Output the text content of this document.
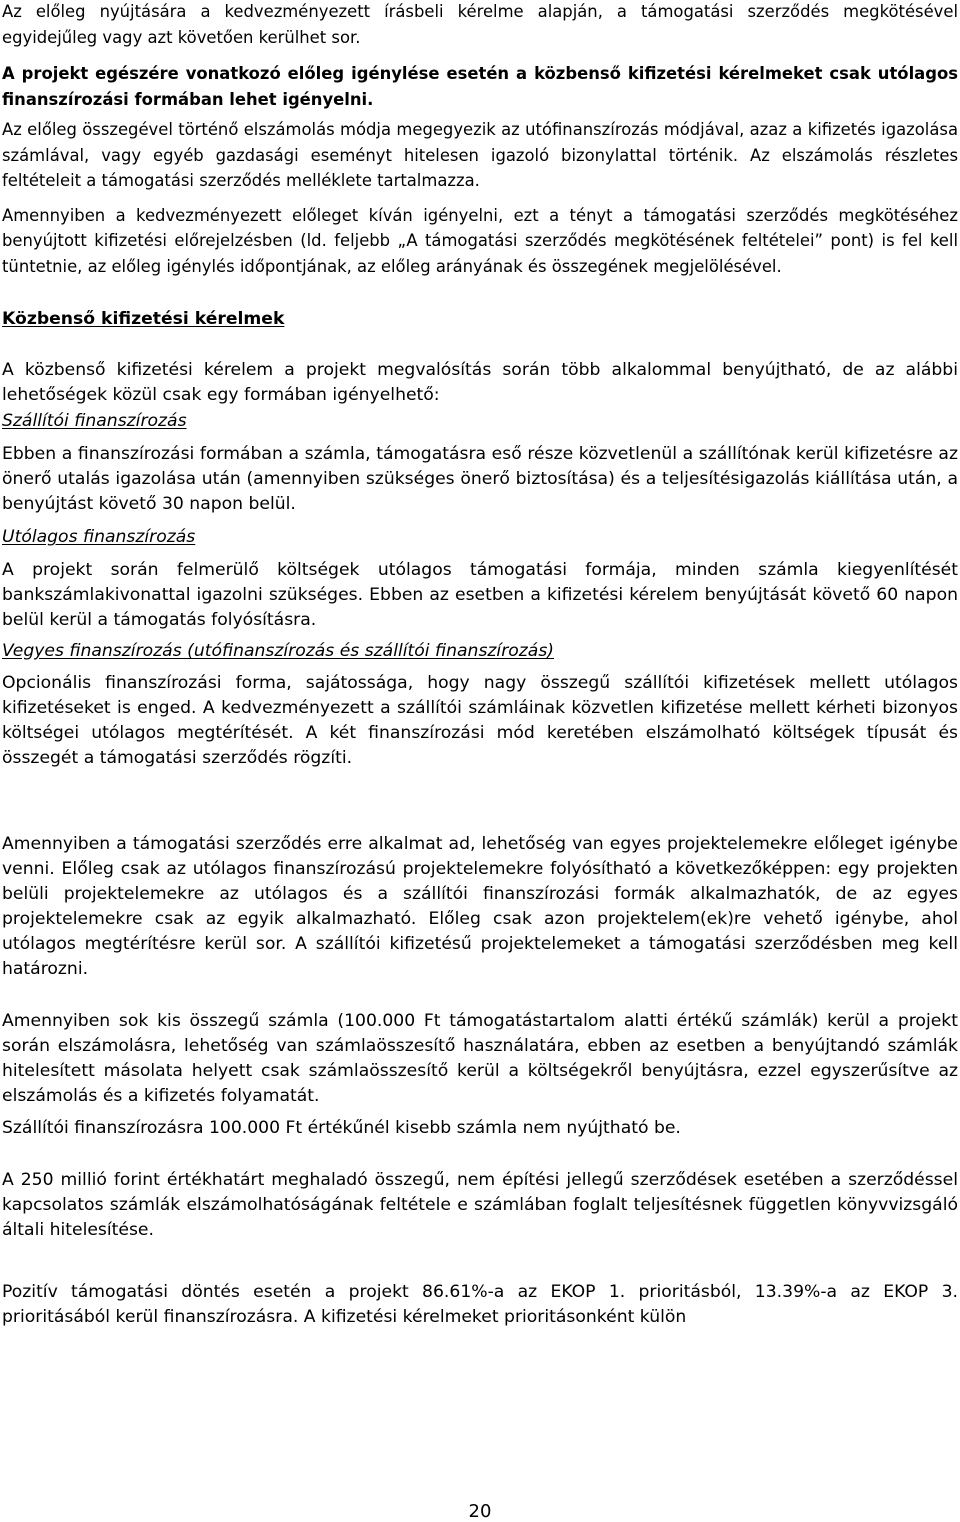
Az előleg nyújtására a kedvezményezett írásbeli kérelme alapján, a támogatási szerződés megkötésével egyidejűleg vagy azt követően kerülhet sor.

A projekt egészére vonatkozó előleg igénylése esetén a közbenső kifizetési kérelmeket csak utólagos finanszírozási formában lehet igényelni.

Az előleg összegével történő elszámolás módja megegyezik az utófinanszírozás módjával, azaz a kifizetés igazolása számlával, vagy egyéb gazdasági eseményt hitelesen igazoló bizonylattal történik. Az elszámolás részletes feltételeit a támogatási szerződés melléklete tartalmazza.

Amennyiben a kedvezményezett előleget kíván igényelni, ezt a tényt a támogatási szerződés megkötéséhez benyújtott kifizetési előrejelzésben (ld. feljebb „A támogatási szerződés megkötésének feltételei” pont) is fel kell tüntetnie, az előleg igénylés időpontjának, az előleg arányának és összegének megjelölésével.

Közbenső kifizetési kérelmek

A közbenső kifizetési kérelem a projekt megvalósítás során több alkalommal benyújtható, de az alábbi lehetőségek közül csak egy formában igényelhető:

Szállítói finanszírozás

Ebben a finanszírozási formában a számla, támogatásra eső része közvetlenül a szállítónak kerül kifizetésre az önerő utalás igazolása után (amennyiben szükséges önerő biztosítása) és a teljesítésigazolás kiállítása után, a benyújtást követő 30 napon belül.

Utólagos finanszírozás

A projekt során felmerülő költségek utólagos támogatási formája, minden számla kiegyenlítését bankszámlakivonattal igazolni szükséges. Ebben az esetben a kifizetési kérelem benyújtását követő 60 napon belül kerül a támogatás folyósításra.

Vegyes finanszírozás (utófinanszírozás és szállítói finanszírozás)

Opcionális finanszírozási forma, sajátossága, hogy nagy összegű szállítói kifizetések mellett utólagos kifizetéseket is enged. A kedvezményezett a szállítói számláinak közvetlen kifizetése mellett kérheti bizonyos költségei utólagos megtérítését. A két finanszírozási mód keretében elszámolható költségek típusát és összegét a támogatási szerződés rögzíti.

Amennyiben a támogatási szerződés erre alkalmat ad, lehetőség van egyes projektelemekre előleget igénybe venni. Előleg csak az utólagos finanszírozású projektelemekre folyósítható a következőképpen: egy projekten belüli projektelemekre az utólagos és a szállítói finanszírozási formák alkalmazhatók, de az egyes projektelemekre csak az egyik alkalmazható. Előleg csak azon projektelem(ek)re vehető igénybe, ahol utólagos megtérítésre kerül sor. A szállítói kifizetésű projektelemeket a támogatási szerződésben meg kell határozni.

Amennyiben sok kis összegű számla (100.000 Ft támogatástartalom alatti értékű számlák) kerül a projekt során elszámolásra, lehetőség van számlaösszesítő használatára, ebben az esetben a benyújtandó számlák hitelesített másolata helyett csak számlaösszesítő kerül a költségekről benyújtásra, ezzel egyszerűsítve az elszámolás és a kifizetés folyamatát.

Szállítói finanszírozásra 100.000 Ft értékűnél kisebb számla nem nyújtható be.

A 250 millió forint értékhatárt meghaladó összegű, nem építési jellegű szerződések esetében a szerződéssel kapcsolatos számlák elszámolhatóságának feltétele e számlában foglalt teljesítésnek független könyvvizsgáló általi hitelesítése.

Pozitív támogatási döntés esetén a projekt 86.61%-a az EKOP 1. prioritásból, 13.39%-a az EKOP 3. prioritásából kerül finanszírozásra. A kifizetési kérelmeket prioritásonként külön

20
